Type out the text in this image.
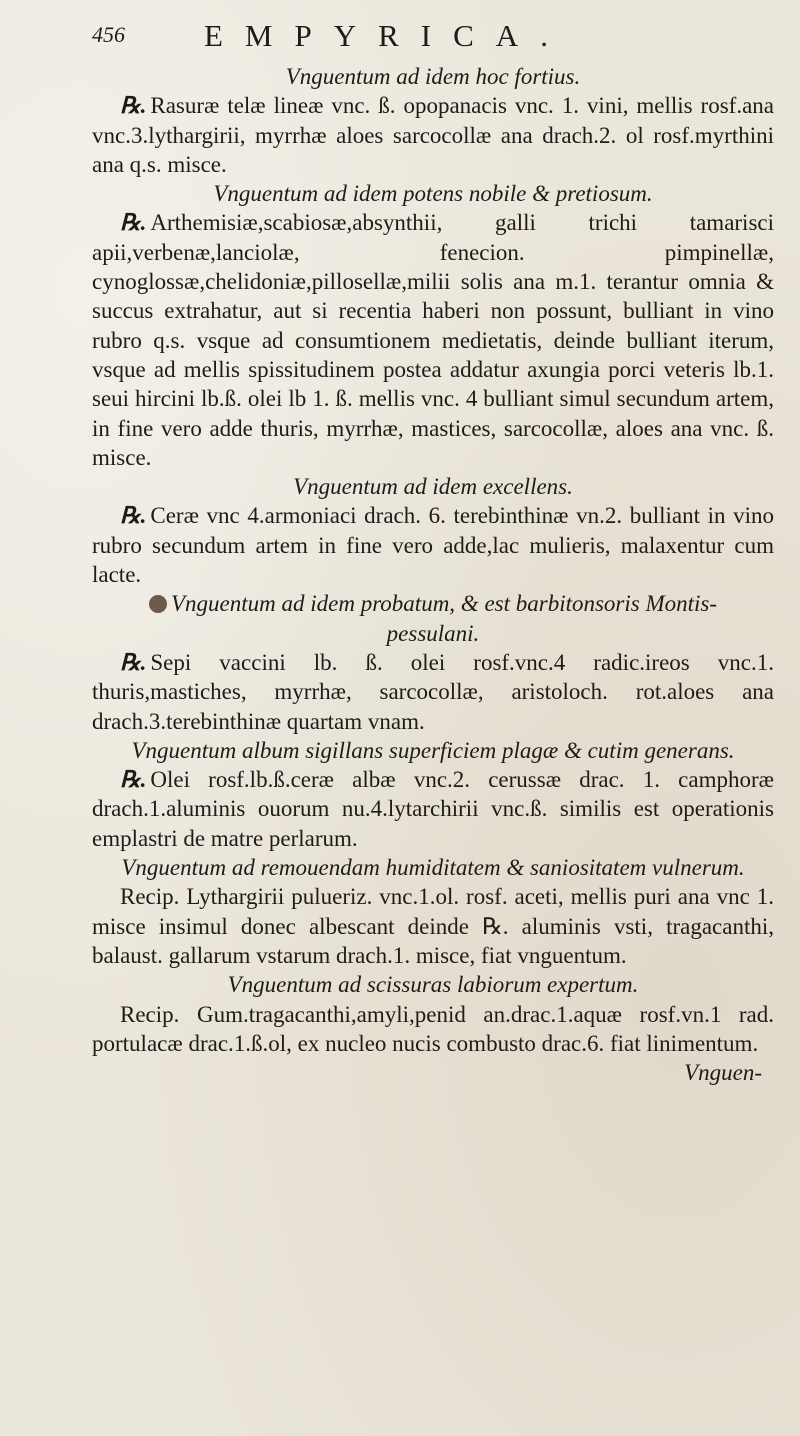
456	EMPYRICA.
Vnguentum ad idem hoc fortius.

℞. Rasuræ telæ lineæ vnc. ß. opopanacis vnc. 1. vini, mellis rosf.ana vnc.3.lythargirii, myrrhæ aloes sarcocollæ ana drach.2. ol rosf.myrthini ana q.s. misce.

Vnguentum ad idem potens nobile & pretiosum.

℞. Arthemisiæ,scabiosæ,absynthii, galli trichi tamarisci apii,verbenæ,lanciolæ, fenecion. pimpinellæ, cynoglossæ,chelidoniæ,pillosellæ,milii solis ana m.1. terantur omnia & succus extrahatur, aut si recentia haberi non possunt, bulliant in vino rubro q.s. vsque ad consumtionem medietatis, deinde bulliant iterum, vsque ad mellis spissitudinem postea addatur axungia porci veteris lb.1. seui hircini lb.ß. olei lb 1. ß. mellis vnc. 4 bulliant simul secundum artem, in fine vero adde thuris, myrrhæ, mastices, sarcocollæ, aloes ana vnc. ß. misce.

Vnguentum ad idem excellens.

℞. Ceræ vnc 4.armoniaci drach. 6. terebinthinæ vn.2. bulliant in vino rubro secundum artem in fine vero adde,lac mulieris, malaxentur cum lacte.

Vnguentum ad idem probatum, & est barbitonsoris Montis-pessulani.

℞. Sepi vaccini lb. ß. olei rosf.vnc.4 radic.ireos vnc.1. thuris,mastiches, myrrhæ, sarcocollæ, aristoloch. rot.aloes ana drach.3.terebinthinæ quartam vnam.

Vnguentum album sigillans superficiem plagæ & cutim generans.

℞. Olei rosf.lb.ß.ceræ albæ vnc.2. cerussæ drac. 1. camphoræ drach.1.aluminis ouorum nu.4.lytarchirii vnc.ß. similis est operationis emplastri de matre perlarum.

Vnguentum ad remouendam humiditatem & saniositatem vulnerum.

Recip. Lythargirii pulueriz. vnc.1.ol. rosf. aceti, mellis puri ana vnc 1. misce insimul donec albescant deinde ℞. aluminis vsti, tragacanthi, balaust. gallarum vstarum drach.1. misce, fiat vnguentum.

Vnguentum ad scissuras labiorum expertum.

Recip. Gum.tragacanthi,amyli,penid an.drac.1.aquæ rosf.vn.1 rad. portulacæ drac.1.ß.ol, ex nucleo nucis combusto drac.6. fiat linimentum.

Vnguen-
